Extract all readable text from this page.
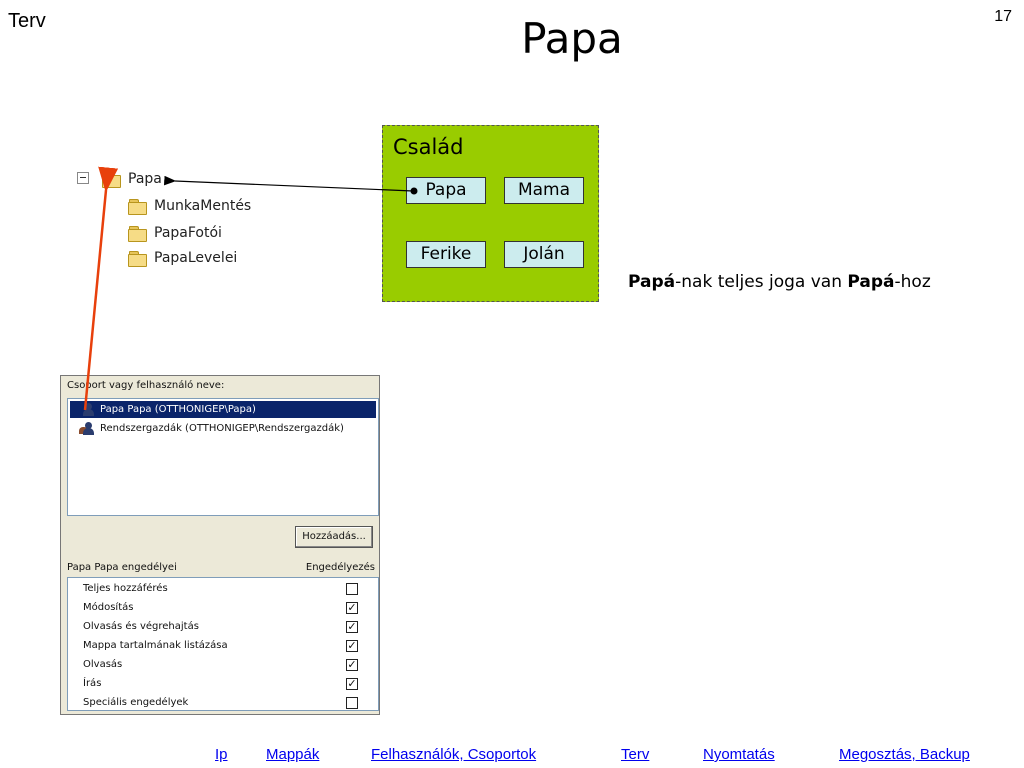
Terv	Papa	17
Papa
MunkaMentés
PapaFotói
PapaLevelei
Család
Papa	Mama
Ferike	Jolán
Papá-nak teljes joga van Papá-hoz
Csoport vagy felhasználó neve:
Papa Papa (OTTHONIGEP\Papa)
Rendszergazdák (OTTHONIGEP\Rendszergazdák)
Hozzáadás...
Papa Papa engedélyei	Engedélyezés
Teljes hozzáférés
Módosítás	✓
Olvasás és végrehajtás	✓
Mappa tartalmának listázása	✓
Olvasás	✓
Írás	✓
Speciális engedélyek
Ip	Mappák	Felhasználók, Csoportok	Terv	Nyomtatás	Megosztás, Backup
